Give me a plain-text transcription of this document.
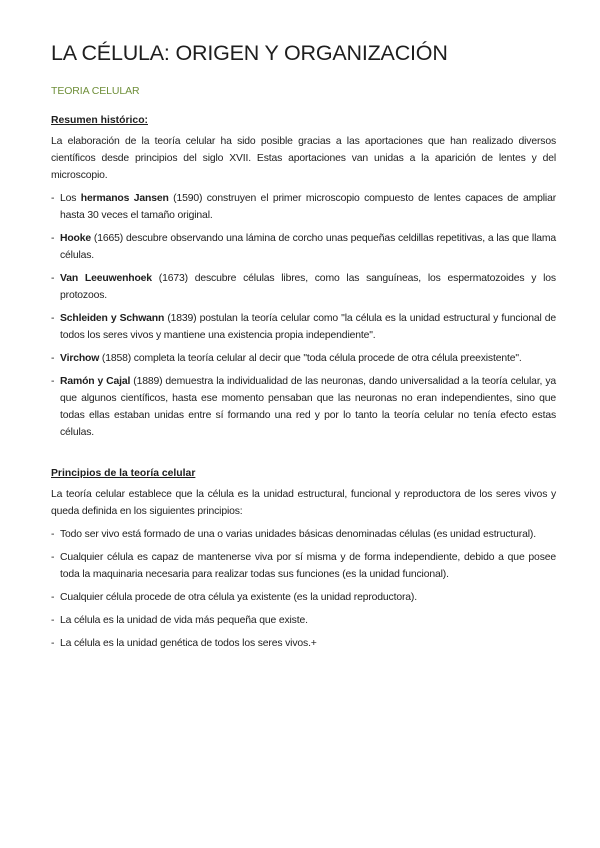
LA CÉLULA: ORIGEN Y ORGANIZACIÓN
TEORIA CELULAR
Resumen histórico:

La elaboración de la teoría celular ha sido posible gracias a las aportaciones que han realizado diversos científicos desde principios del siglo XVII. Estas aportaciones van unidas a la aparición de lentes y del microscopio.

- Los hermanos Jansen (1590) construyen el primer microscopio compuesto de lentes capaces de ampliar hasta 30 veces el tamaño original.
- Hooke (1665) descubre observando una lámina de corcho unas pequeñas celdillas repetitivas, a las que llama células.
- Van Leeuwenhoek (1673) descubre células libres, como las sanguíneas, los espermatozoides y los protozoos.
- Schleiden y Schwann (1839) postulan la teoría celular como "la célula es la unidad estructural y funcional de todos los seres vivos y mantiene una existencia propia independiente".
- Virchow (1858) completa la teoría celular al decir que "toda célula procede de otra célula preexistente".
- Ramón y Cajal (1889) demuestra la individualidad de las neuronas, dando universalidad a la teoría celular, ya que algunos científicos, hasta ese momento pensaban que las neuronas no eran independientes, sino que todas ellas estaban unidas entre sí formando una red y por lo tanto la teoría celular no tenía efecto estas células.
Principios de la teoría celular

La teoría celular establece que la célula es la unidad estructural, funcional y reproductora de los seres vivos y queda definida en los siguientes principios:

- Todo ser vivo está formado de una o varias unidades básicas denominadas células (es unidad estructural).
- Cualquier célula es capaz de mantenerse viva por sí misma y de forma independiente, debido a que posee toda la maquinaria necesaria para realizar todas sus funciones (es la unidad funcional).
- Cualquier célula procede de otra célula ya existente (es la unidad reproductora).
- La célula es la unidad de vida más pequeña que existe.
- La célula es la unidad genética de todos los seres vivos.+
